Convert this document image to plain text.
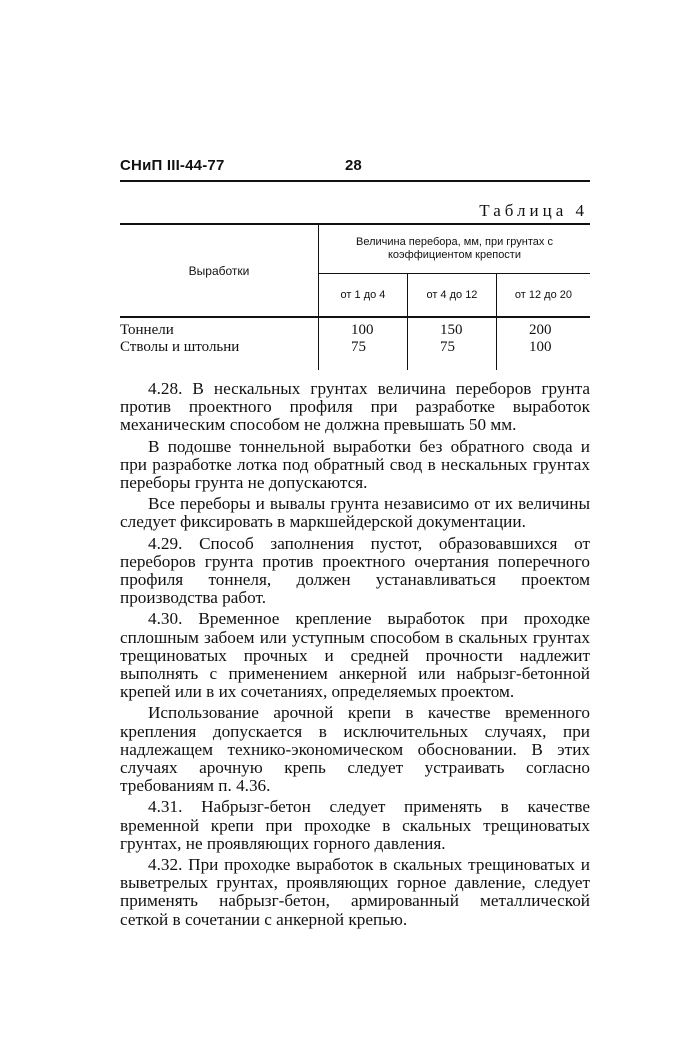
СНиП III-44-77	28
Таблица 4
Выработки	Величина перебора, мм, при грунтах с коэффициентом крепости		
	от 1 до 4	от 4 до 12	от 12 до 20
Тоннели	100	150	200
Стволы и штольни	75	75	100

4.28. В нескальных грунтах величина переборов грунта против проектного профиля при разработке выработок механическим способом не должна превышать 50 мм.

В подошве тоннельной выработки без обратного свода и при разработке лотка под обратный свод в нескальных грунтах переборы грунта не допускаются.

Все переборы и вывалы грунта независимо от их величины следует фиксировать в маркшейдерской документации.

4.29. Способ заполнения пустот, образовавшихся от переборов грунта против проектного очертания поперечного профиля тоннеля, должен устанавливаться проектом производства работ.

4.30. Временное крепление выработок при проходке сплошным забоем или уступным способом в скальных грунтах трещиноватых прочных и средней прочности надлежит выполнять с применением анкерной или набрызг-бетонной крепей или в их сочетаниях, определяемых проектом.

Использование арочной крепи в качестве временного крепления допускается в исключительных случаях, при надлежащем технико-экономическом обосновании. В этих случаях арочную крепь следует устраивать согласно требованиям п. 4.36.

4.31. Набрызг-бетон следует применять в качестве временной крепи при проходке в скальных трещиноватых грунтах, не проявляющих горного давления.

4.32. При проходке выработок в скальных трещиноватых и выветрелых грунтах, проявляющих горное давление, следует применять набрызг-бетон, армированный металлической сеткой в сочетании с анкерной крепью.
